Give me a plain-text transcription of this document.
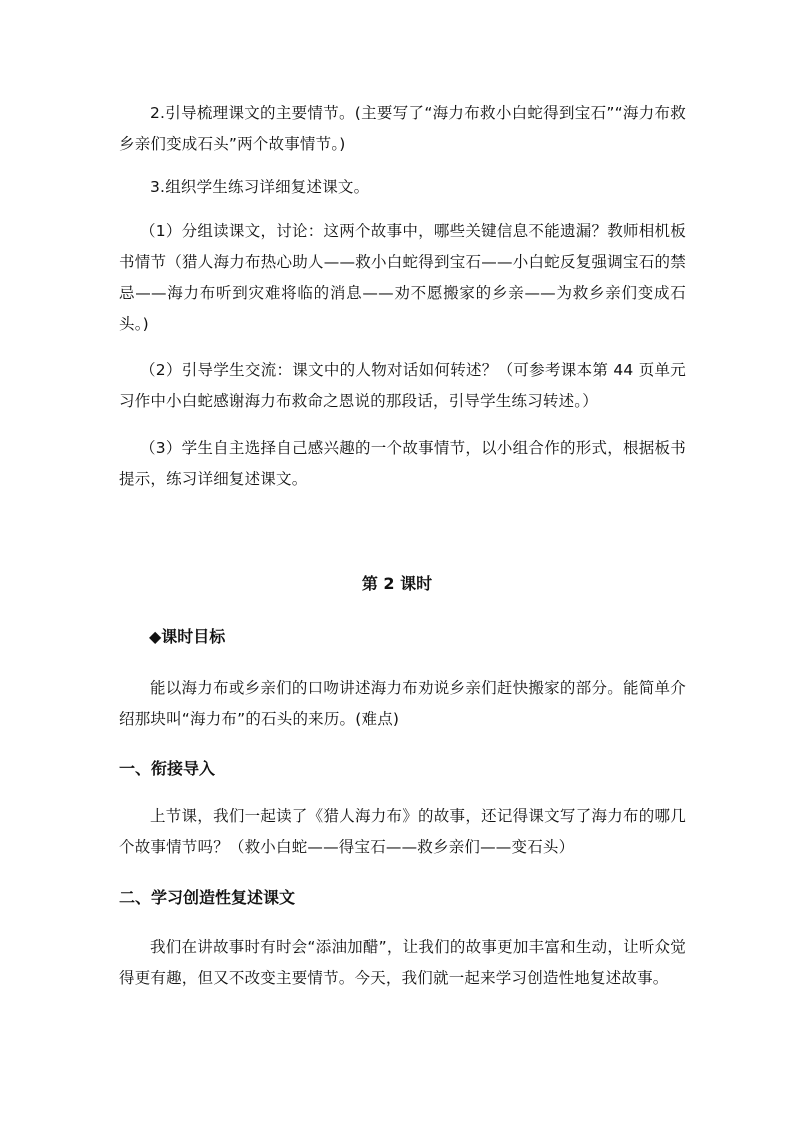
2.引导梳理课文的主要情节。(主要写了“海力布救小白蛇得到宝石”“海力布救乡亲们变成石头”两个故事情节。)

3.组织学生练习详细复述课文。

（1）分组读课文，讨论：这两个故事中，哪些关键信息不能遗漏？教师相机板书情节（猎人海力布热心助人——救小白蛇得到宝石——小白蛇反复强调宝石的禁忌——海力布听到灾难将临的消息——劝不愿搬家的乡亲——为救乡亲们变成石头。)

（2）引导学生交流：课文中的人物对话如何转述？（可参考课本第 44 页单元习作中小白蛇感谢海力布救命之恩说的那段话，引导学生练习转述。）

（3）学生自主选择自己感兴趣的一个故事情节，以小组合作的形式，根据板书提示，练习详细复述课文。

第 2 课时
◆课时目标

能以海力布或乡亲们的口吻讲述海力布劝说乡亲们赶快搬家的部分。能简单介绍那块叫“海力布”的石头的来历。(难点)

一、衔接导入

上节课，我们一起读了《猎人海力布》的故事，还记得课文写了海力布的哪几个故事情节吗？（救小白蛇——得宝石——救乡亲们——变石头）

二、学习创造性复述课文

我们在讲故事时有时会“添油加醋”，让我们的故事更加丰富和生动，让听众觉得更有趣，但又不改变主要情节。今天，我们就一起来学习创造性地复述故事。
